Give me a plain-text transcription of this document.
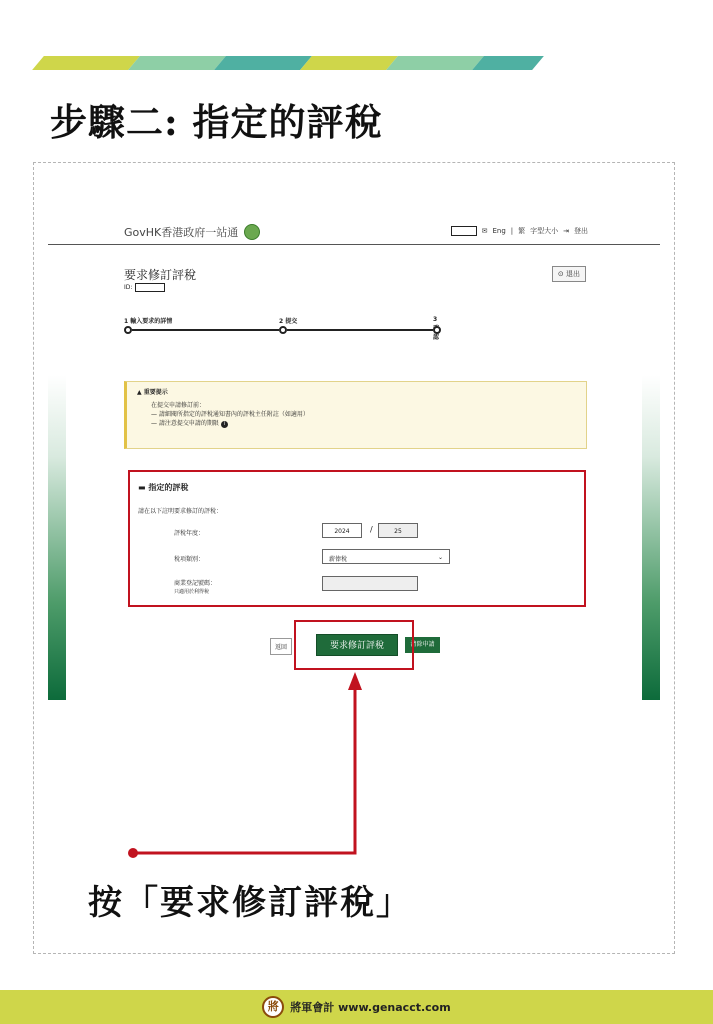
步驟二: 指定的評稅
GovHK香港政府一站通	✉ Eng | 繁 字型大小 ⇥ 登出
要求修訂評稅
ID:
⊙ 退出
1 輸入要求的詳情	2 提交	3 認
▲ 重要提示
在提交申請修訂前：
— 請細閱所指定的評稅通知書內的評稅主任附註（如適用）
— 請注意提交申請的期限 i
▬ 指定的評稅
請在以下註明要求修訂的評稅：
評稅年度：	2024	/	25
稅項類別：	薪俸稅	⌄
商業登記號碼：
只適用於利得稅
返回	要求修訂評稅	清除申請
按「要求修訂評稅」
將	將軍會計 www.genacct.com
